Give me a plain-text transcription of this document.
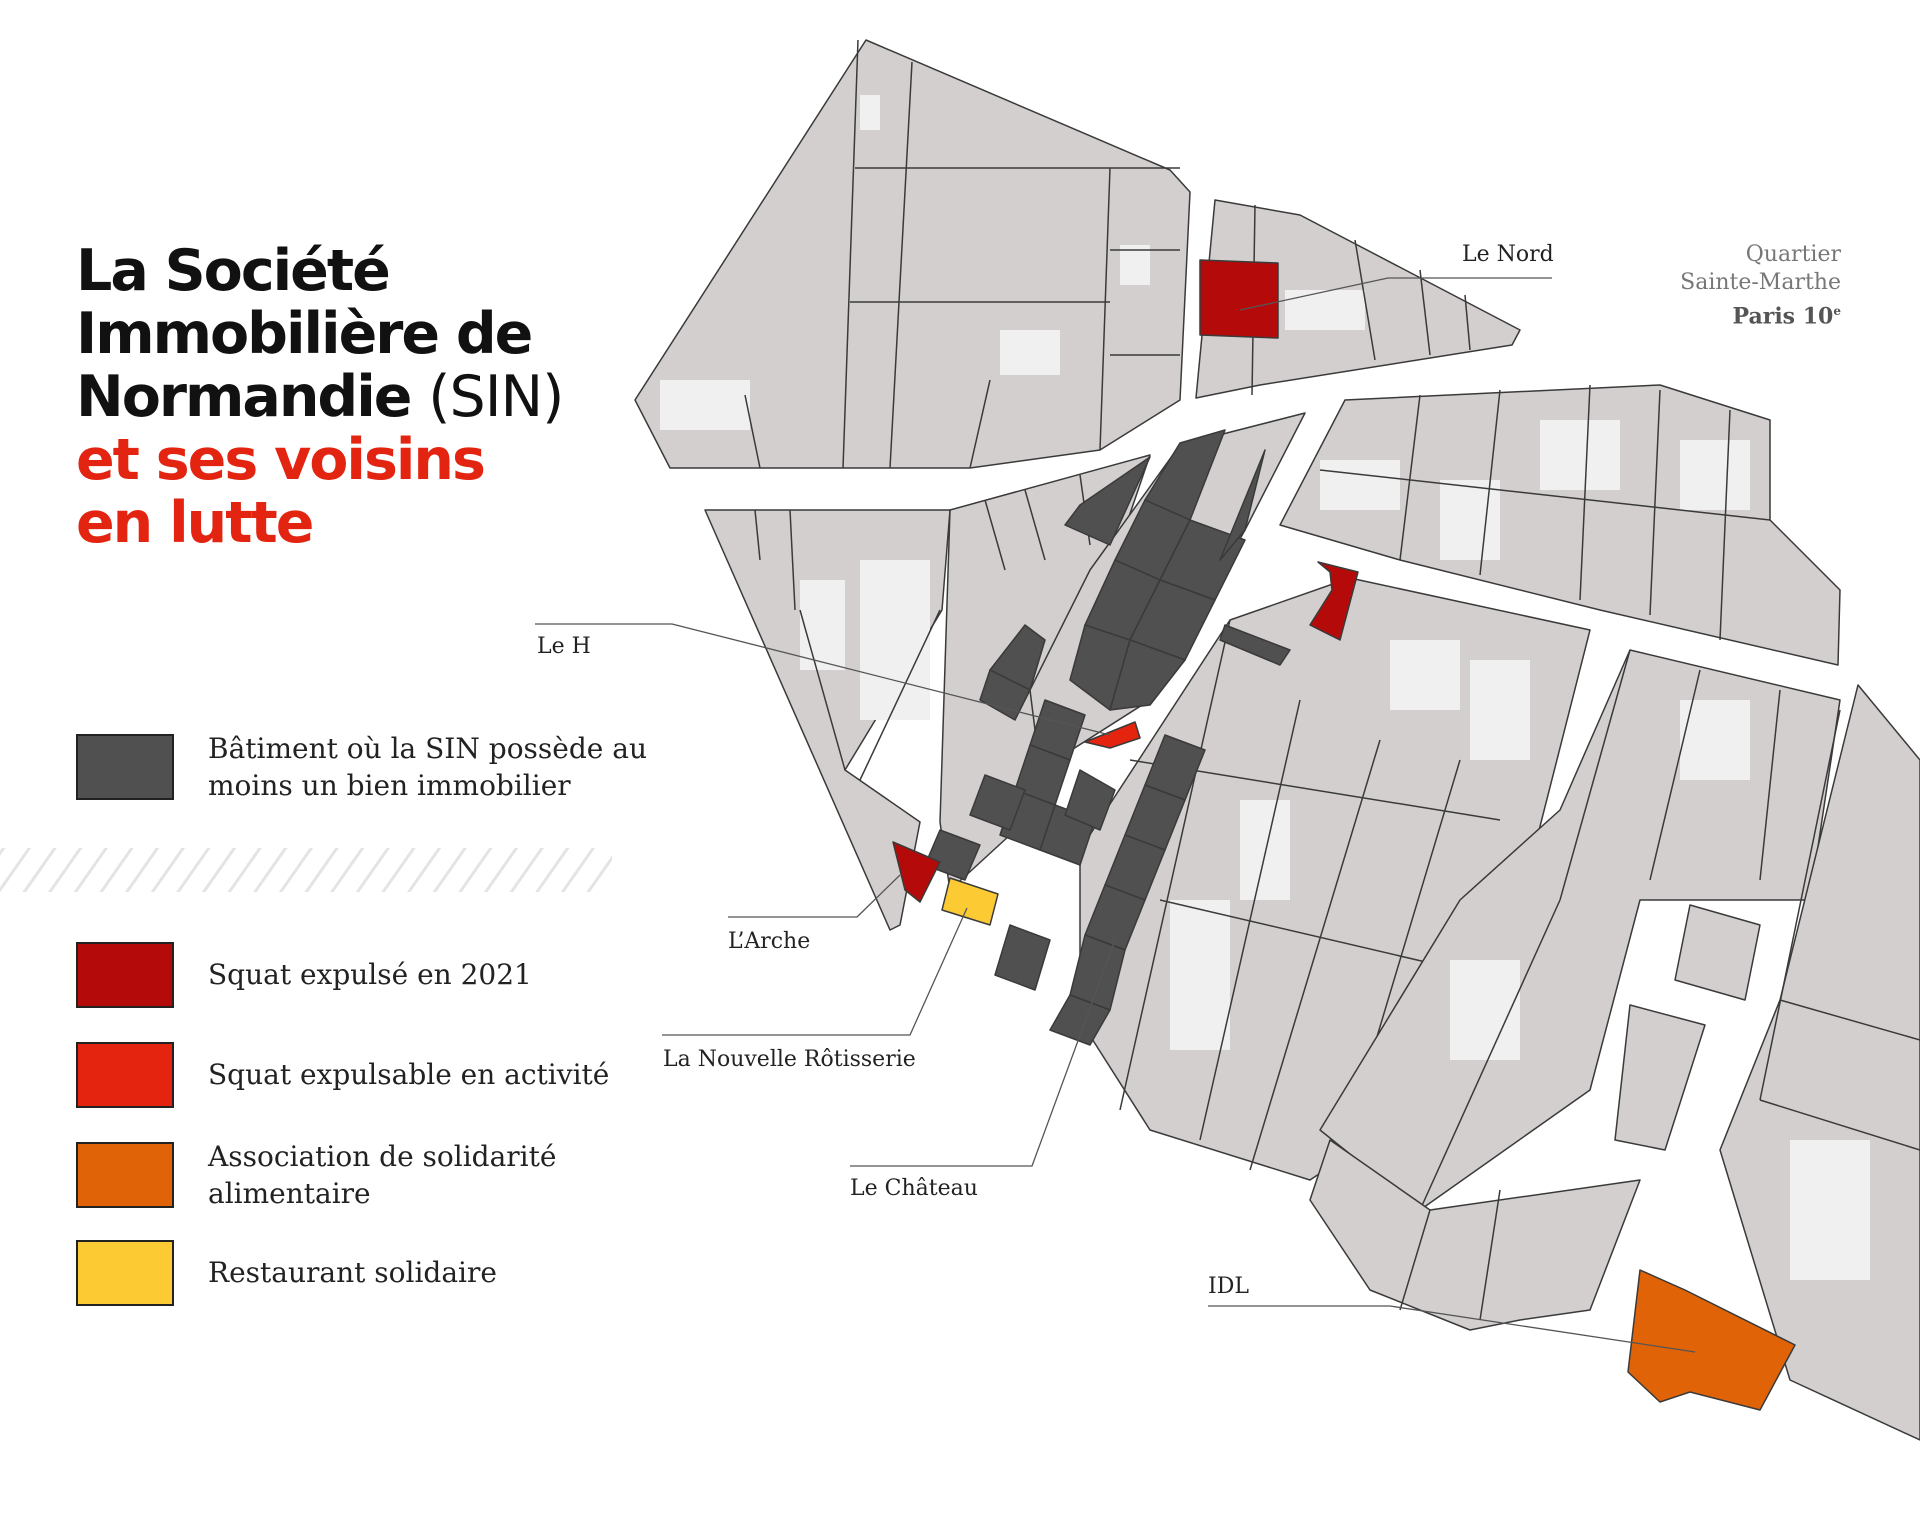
La Société
Immobilière de
Normandie (SIN)
et ses voisins
en lutte
Quartier
Sainte-Marthe
Paris 10e
Bâtiment où la SIN possède au
moins un bien immobilier
Squat expulsé en 2021
Squat expulsable en activité
Association de solidarité
alimentaire
Restaurant solidaire
Le Nord
Le H
L’Arche
La Nouvelle Rôtisserie
Le Château
IDL
